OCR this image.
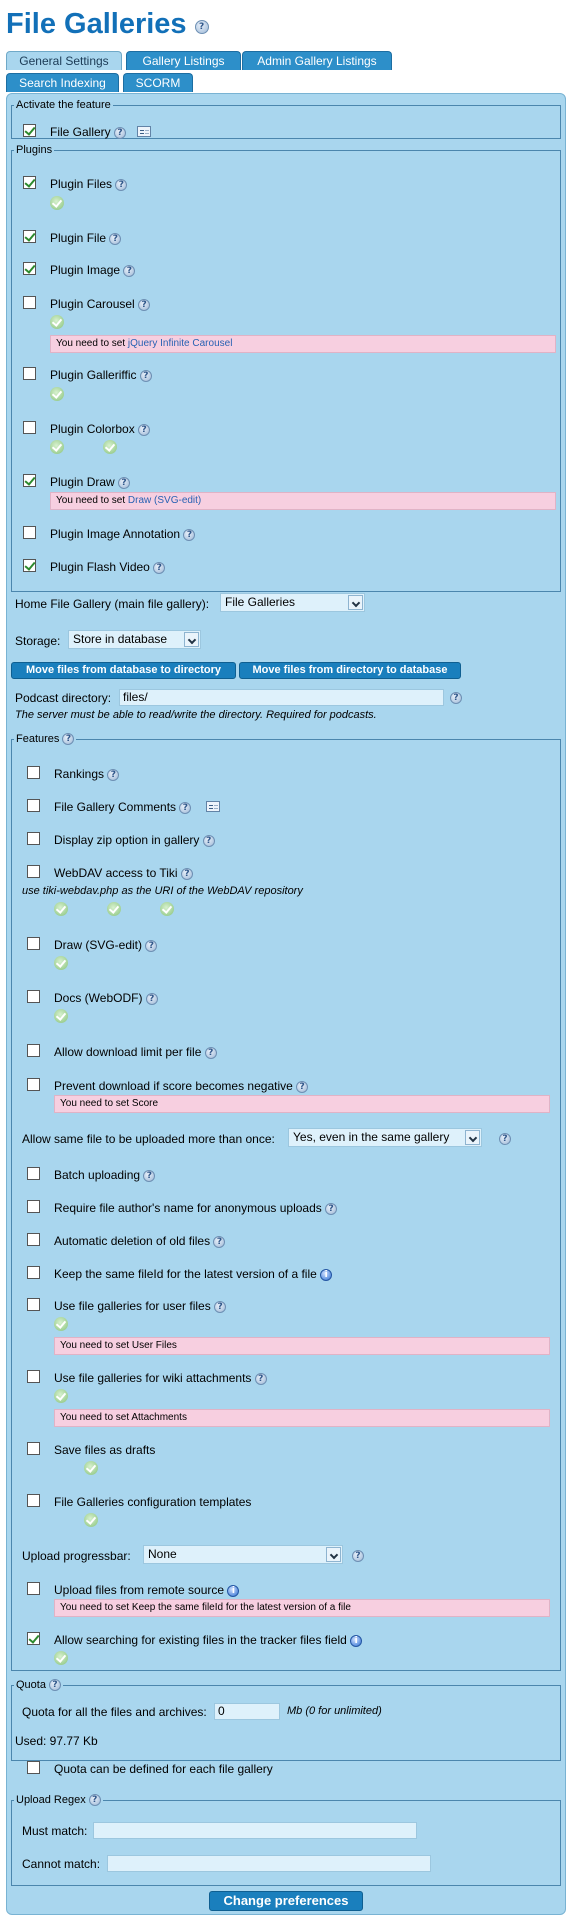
File Galleries ?
General Settings	Gallery Listings	Admin Gallery Listings
Search Indexing	SCORM
Activate the feature
File Gallery ?
Plugins
Plugin Files ?
Plugin File ?
Plugin Image ?
Plugin Carousel ?
You need to set jQuery Infinite Carousel
Plugin Galleriffic ?
Plugin Colorbox ?
Plugin Draw ?
You need to set Draw (SVG-edit)
Plugin Image Annotation ?
Plugin Flash Video ?
Home File Gallery (main file gallery):	File Galleries
Storage:	Store in database
Move files from database to directory	Move files from directory to database
Podcast directory: files/	?
The server must be able to read/write the directory. Required for podcasts.
Features ?
Rankings ?
File Gallery Comments ?
Display zip option in gallery ?
WebDAV access to Tiki ?
use tiki-webdav.php as the URI of the WebDAV repository
Draw (SVG-edit) ?
Docs (WebODF) ?
Allow download limit per file ?
Prevent download if score becomes negative ?
You need to set Score
Allow same file to be uploaded more than once:	Yes, even in the same gallery	?
Batch uploading ?
Require file author's name for anonymous uploads ?
Automatic deletion of old files ?
Keep the same fileId for the latest version of a file i
Use file galleries for user files ?
You need to set User Files
Use file galleries for wiki attachments ?
You need to set Attachments
Save files as drafts
File Galleries configuration templates
Upload progressbar:	None	?
Upload files from remote source i
You need to set Keep the same fileId for the latest version of a file
Allow searching for existing files in the tracker files field i
Quota ?
Quota for all the files and archives: 0	Mb (0 for unlimited)
Used: 97.77 Kb
Quota can be defined for each file gallery
Upload Regex ?
Must match:
Cannot match:
Change preferences
